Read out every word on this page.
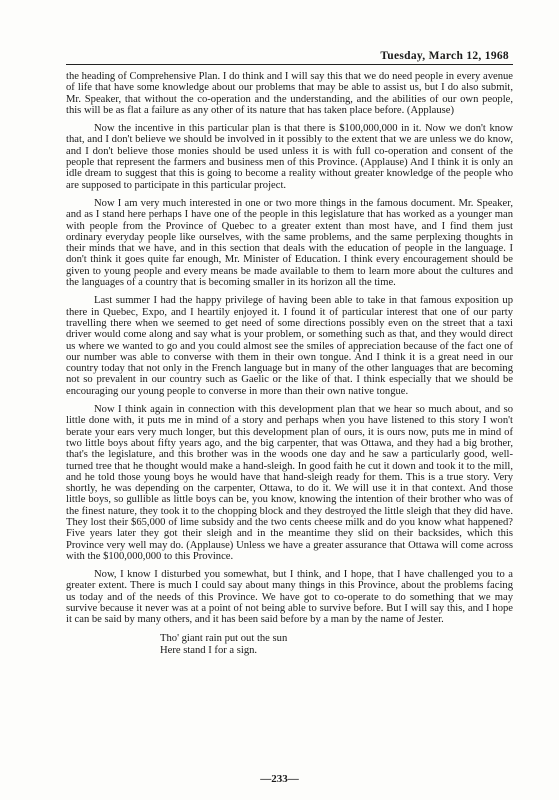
Tuesday, March 12, 1968

the heading of Comprehensive Plan. I do think and I will say this that we do need people in every avenue of life that have some knowledge about our problems that may be able to assist us, but I do also submit, Mr. Speaker, that without the co-operation and the understanding, and the abilities of our own people, this will be as flat a failure as any other of its nature that has taken place before. (Applause)

Now the incentive in this particular plan is that there is $100,000,000 in it. Now we don't know that, and I don't believe we should be involved in it possibly to the extent that we are unless we do know, and I don't believe those monies should be used unless it is with full co-operation and consent of the people that represent the farmers and business men of this Province. (Applause) And I think it is only an idle dream to suggest that this is going to become a reality without greater knowledge of the people who are supposed to participate in this particular project.

Now I am very much interested in one or two more things in the famous document. Mr. Speaker, and as I stand here perhaps I have one of the people in this legislature that has worked as a younger man with people from the Province of Quebec to a greater extent than most have, and I find them just ordinary everyday people like ourselves, with the same problems, and the same perplexing thoughts in their minds that we have, and in this section that deals with the education of people in the language. I don't think it goes quite far enough, Mr. Minister of Education. I think every encouragement should be given to young people and every means be made available to them to learn more about the cultures and the languages of a country that is becoming smaller in its horizon all the time.

Last summer I had the happy privilege of having been able to take in that famous exposition up there in Quebec, Expo, and I heartily enjoyed it. I found it of particular interest that one of our party travelling there when we seemed to get need of some directions possibly even on the street that a taxi driver would come along and say what is your problem, or something such as that, and they would direct us where we wanted to go and you could almost see the smiles of appreciation because of the fact one of our number was able to converse with them in their own tongue. And I think it is a great need in our country today that not only in the French language but in many of the other languages that are becoming not so prevalent in our country such as Gaelic or the like of that. I think especially that we should be encouraging our young people to converse in more than their own native tongue.

Now I think again in connection with this development plan that we hear so much about, and so little done with, it puts me in mind of a story and perhaps when you have listened to this story I won't berate your ears very much longer, but this development plan of ours, it is ours now, puts me in mind of two little boys about fifty years ago, and the big carpenter, that was Ottawa, and they had a big brother, that's the legislature, and this brother was in the woods one day and he saw a particularly good, well-turned tree that he thought would make a hand-sleigh. In good faith he cut it down and took it to the mill, and he told those young boys he would have that hand-sleigh ready for them. This is a true story. Very shortly, he was depending on the carpenter, Ottawa, to do it. We will use it in that context. And those little boys, so gullible as little boys can be, you know, knowing the intention of their brother who was of the finest nature, they took it to the chopping block and they destroyed the little sleigh that they did have. They lost their $65,000 of lime subsidy and the two cents cheese milk and do you know what happened? Five years later they got their sleigh and in the meantime they slid on their backsides, which this Province very well may do. (Applause) Unless we have a greater assurance that Ottawa will come across with the $100,000,000 to this Province.

Now, I know I disturbed you somewhat, but I think, and I hope, that I have challenged you to a greater extent. There is much I could say about many things in this Province, about the problems facing us today and of the needs of this Province. We have got to co-operate to do something that we may survive because it never was at a point of not being able to survive before. But I will say this, and I hope it can be said by many others, and it has been said before by a man by the name of Jester.

Tho' giant rain put out the sun
Here stand I for a sign.
—233—
